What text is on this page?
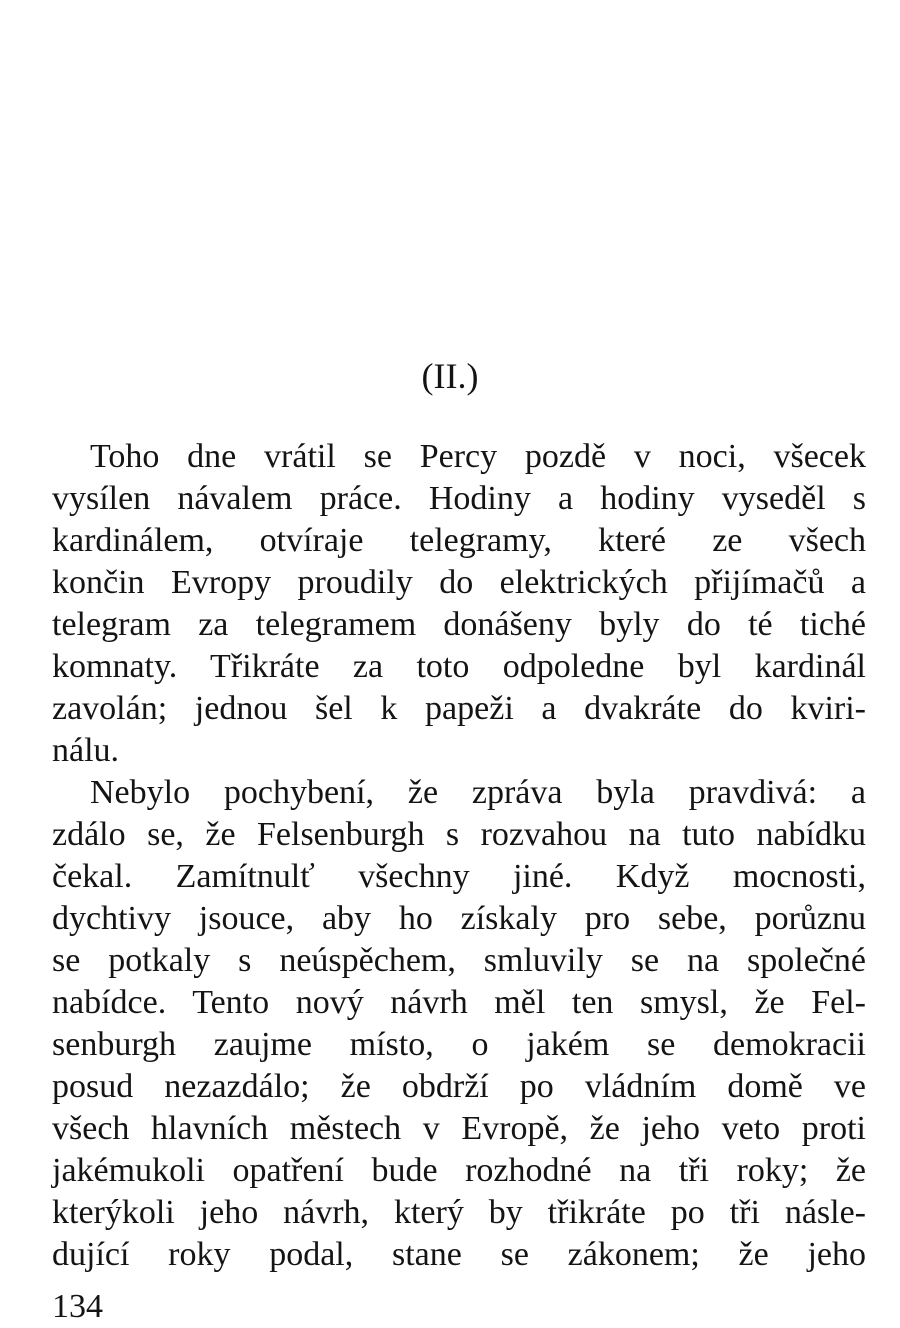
(II.)
Toho dne vrátil se Percy pozdě v noci, všecek
vysílen návalem práce. Hodiny a hodiny vyseděl s
kardinálem, otvíraje telegramy, které ze všech
končin Evropy proudily do elektrických přijímačů a
telegram za telegramem donášeny byly do té tiché
komnaty. Třikráte za toto odpoledne byl kardinál
zavolán; jednou šel k papeži a dvakráte do kviri-
nálu.
Nebylo pochybení, že zpráva byla pravdivá: a
zdálo se, že Felsenburgh s rozvahou na tuto nabídku
čekal. Zamítnulť všechny jiné. Když mocnosti,
dychtivy jsouce, aby ho získaly pro sebe, porůznu
se potkaly s neúspěchem, smluvily se na společné
nabídce. Tento nový návrh měl ten smysl, že Fel-
senburgh zaujme místo, o jakém se demokracii
posud nezazdálo; že obdrží po vládním domě ve
všech hlavních městech v Evropě, že jeho veto proti
jakémukoli opatření bude rozhodné na tři roky; že
kterýkoli jeho návrh, který by třikráte po tři násle-
dující roky podal, stane se zákonem; že jeho
134
